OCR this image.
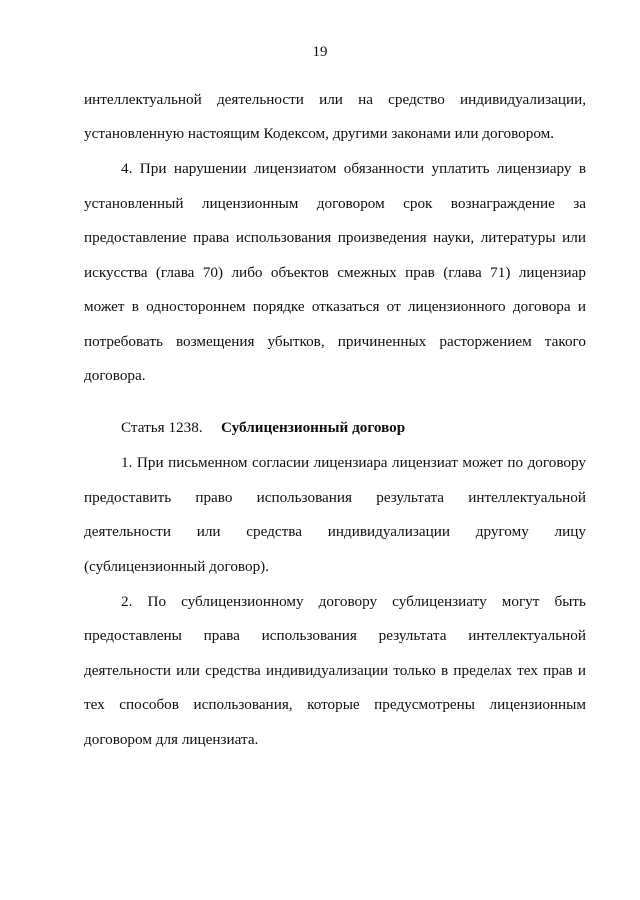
19
интеллектуальной деятельности или на средство индивидуализации,
установленную настоящим Кодексом, другими законами или договором.
4. При нарушении лицензиатом обязанности уплатить лицензиару в
установленный лицензионным договором срок вознаграждение за
предоставление права использования произведения науки, литературы или
искусства (глава 70) либо объектов смежных прав (глава 71) лицензиар
может в одностороннем порядке отказаться от лицензионного договора и
потребовать возмещения убытков, причиненных расторжением такого
договора.
Статья 1238. Сублицензионный договор
1. При письменном согласии лицензиара лицензиат может по договору
предоставить право использования результата интеллектуальной
деятельности или средства индивидуализации другому лицу
(сублицензионный договор).
2. По сублицензионному договору сублицензиату могут быть
предоставлены права использования результата интеллектуальной
деятельности или средства индивидуализации только в пределах тех прав и
тех способов использования, которые предусмотрены лицензионным
договором для лицензиата.
